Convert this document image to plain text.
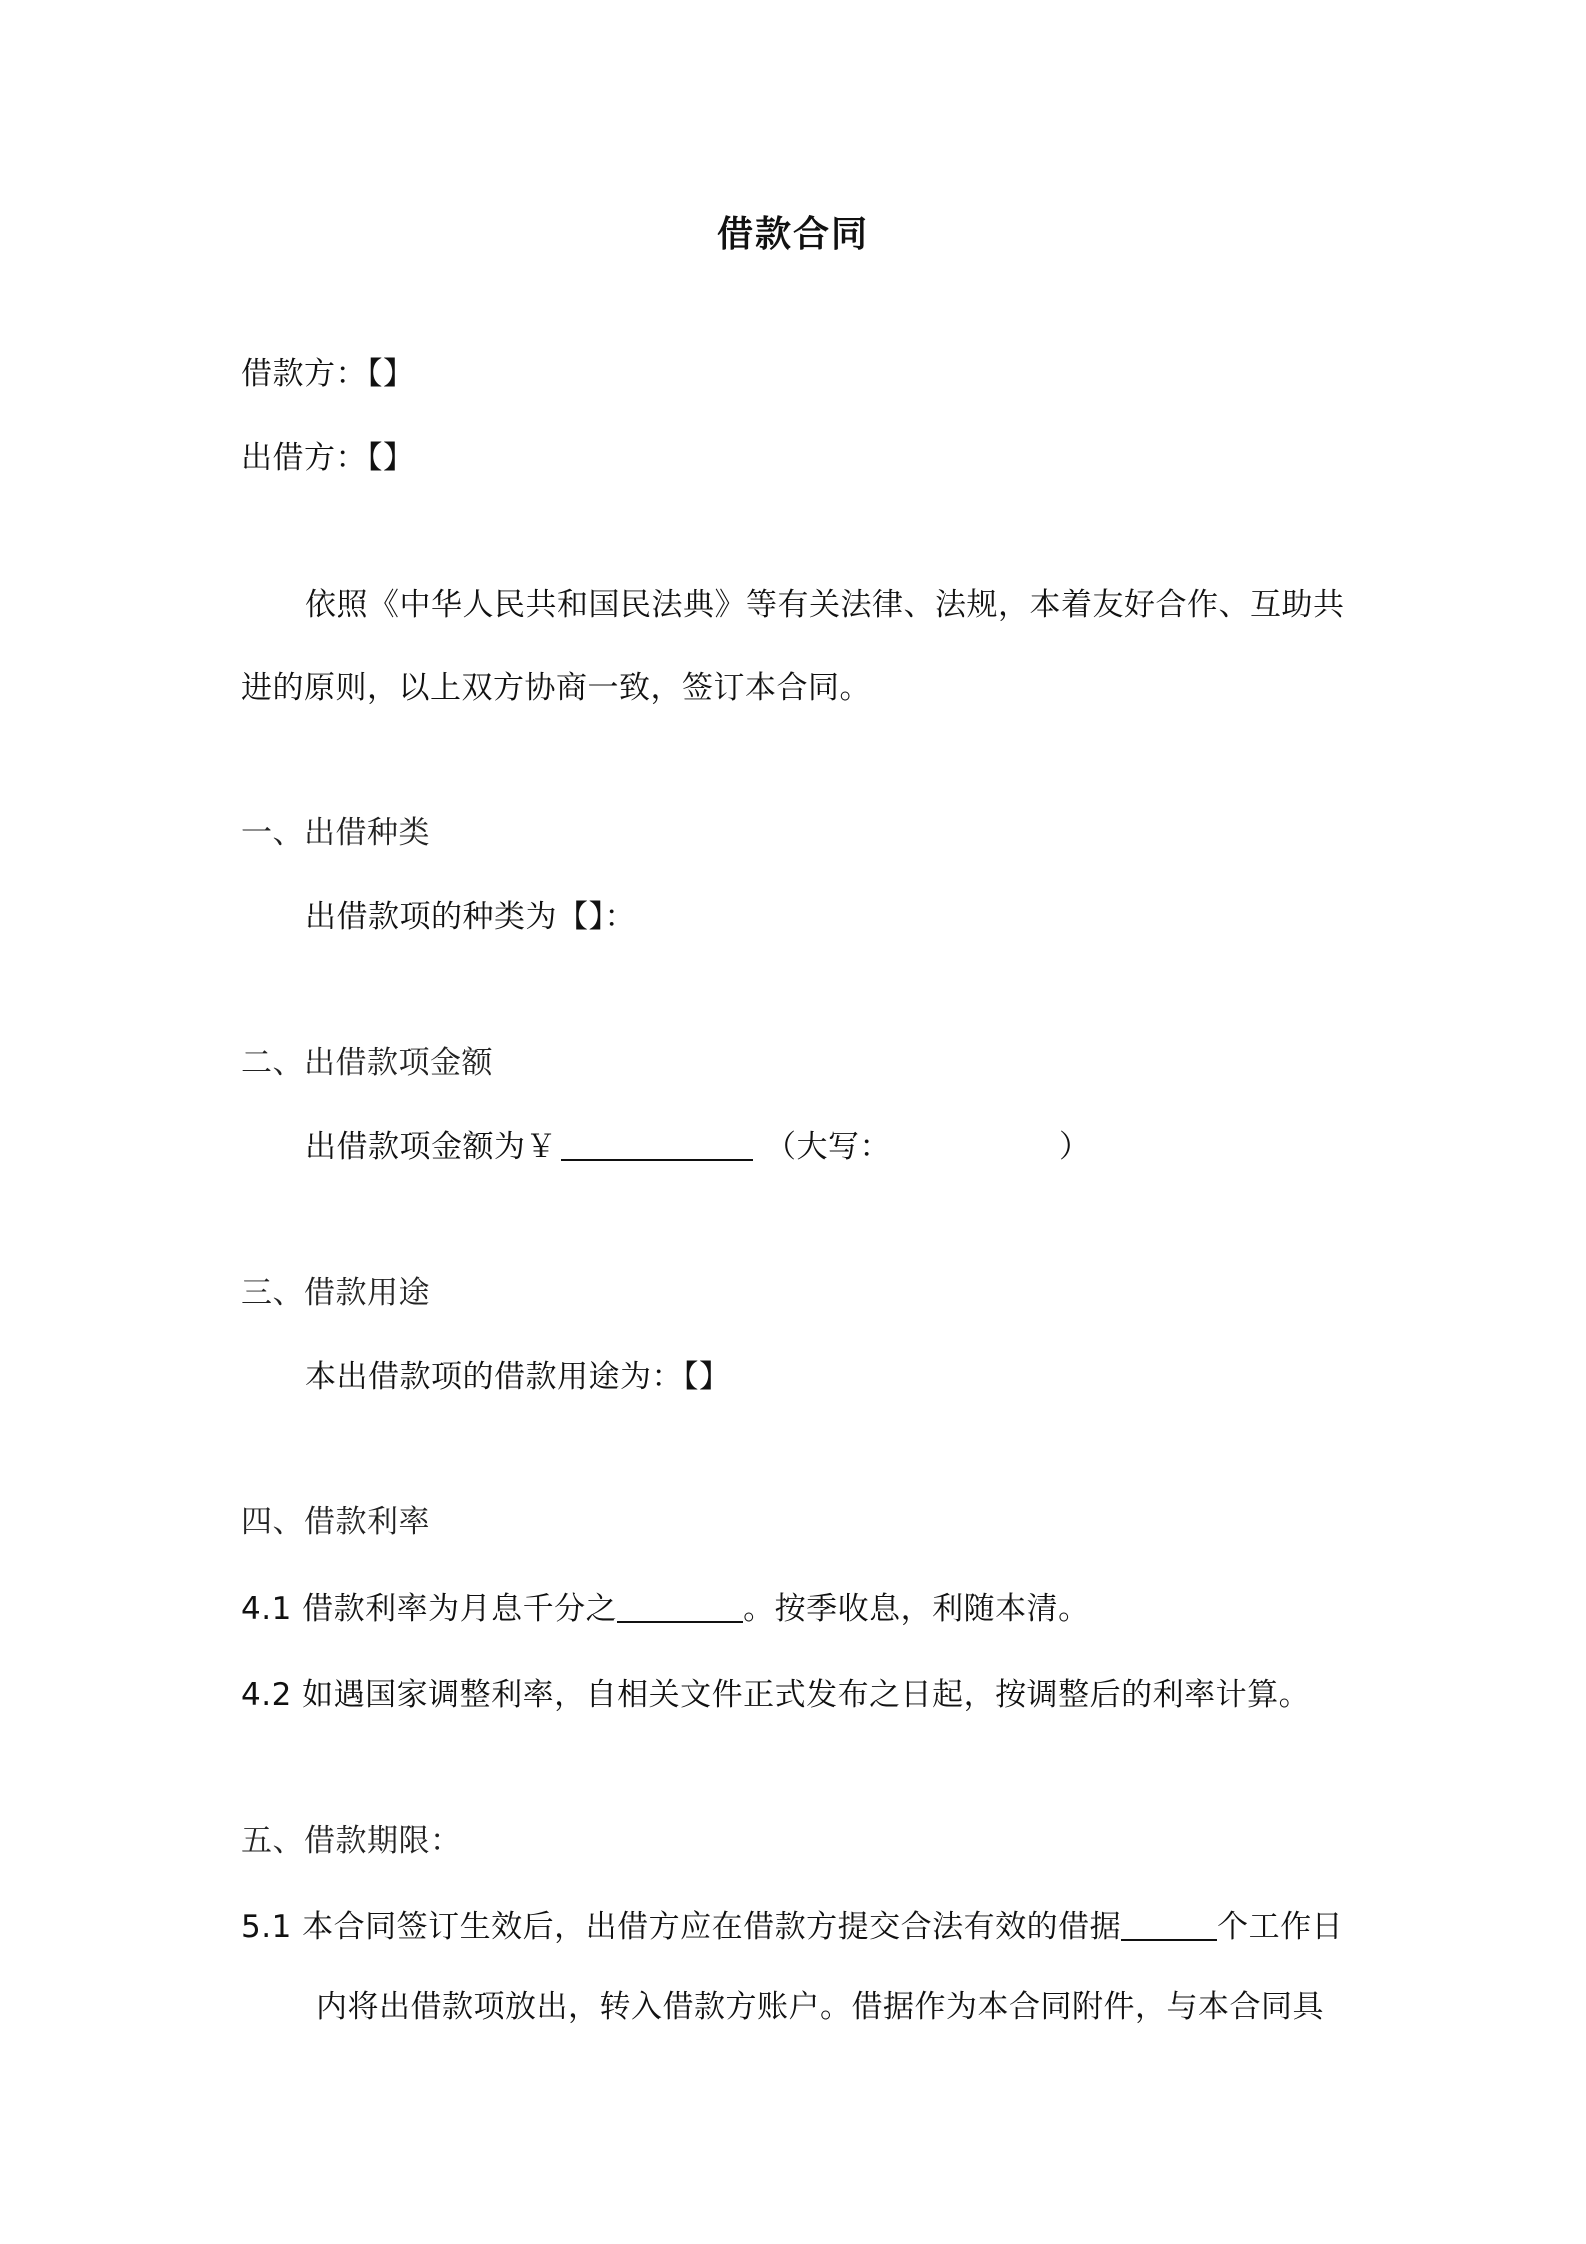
借款合同
借款方：【】
出借方：【】
依照《中华人民共和国民法典》等有关法律、法规，本着友好合作、互助共
进的原则，以上双方协商一致，签订本合同。
一、出借种类
出借款项的种类为【】：
二、出借款项金额
出借款项金额为￥	（大写：	）
三、借款用途
本出借款项的借款用途为：【】
四、借款利率
4.1 借款利率为月息千分之	。按季收息，利随本清。
4.2 如遇国家调整利率，自相关文件正式发布之日起，按调整后的利率计算。
五、借款期限：
5.1 本合同签订生效后，出借方应在借款方提交合法有效的借据	个工作日
内将出借款项放出，转入借款方账户。借据作为本合同附件，与本合同具
